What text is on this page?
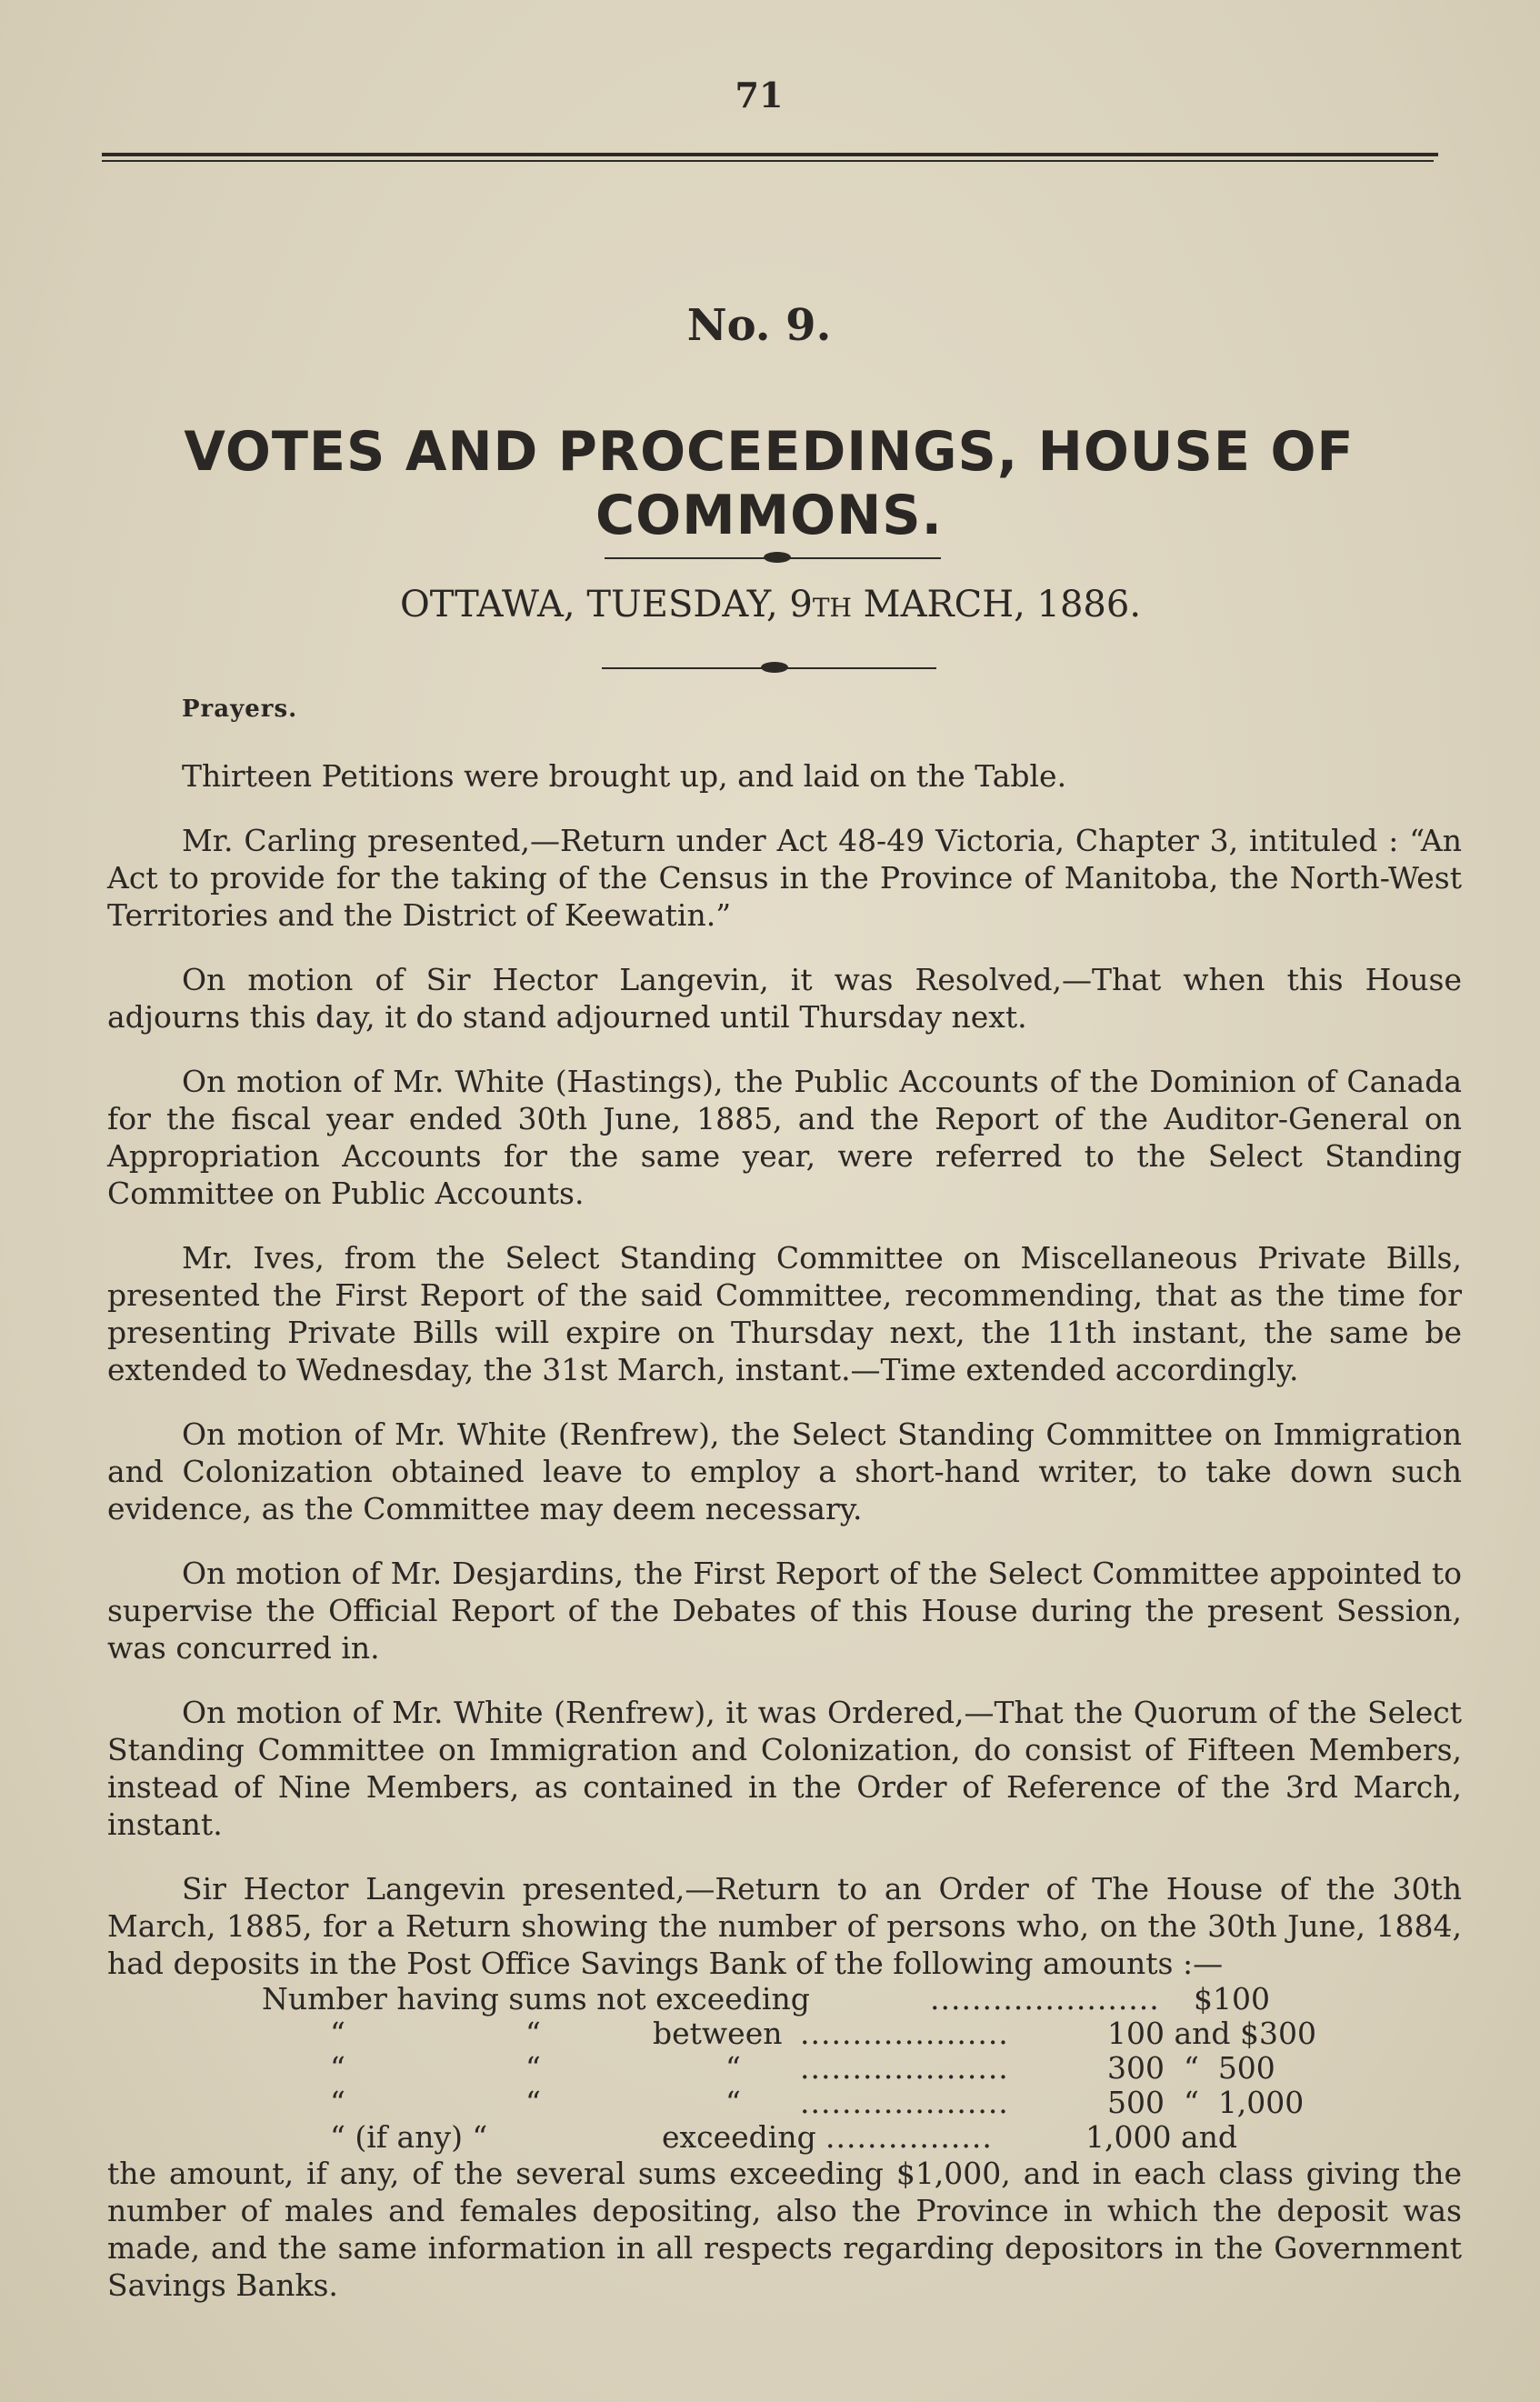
71
No. 9.
VOTES AND PROCEEDINGS, HOUSE OF COMMONS.
OTTAWA, TUESDAY, 9TH MARCH, 1886.
Prayers.

Thirteen Petitions were brought up, and laid on the Table.

Mr. Carling presented,—Return under Act 48-49 Victoria, Chapter 3, intituled : “An Act to provide for the taking of the Census in the Province of Manitoba, the North-West Territories and the District of Keewatin.”

On motion of Sir Hector Langevin, it was Resolved,—That when this House adjourns this day, it do stand adjourned until Thursday next.

On motion of Mr. White (Hastings), the Public Accounts of the Dominion of Canada for the fiscal year ended 30th June, 1885, and the Report of the Auditor-General on Appropriation Accounts for the same year, were referred to the Select Standing Committee on Public Accounts.

Mr. Ives, from the Select Standing Committee on Miscellaneous Private Bills, presented the First Report of the said Committee, recommending, that as the time for presenting Private Bills will expire on Thursday next, the 11th instant, the same be extended to Wednesday, the 31st March, instant.—Time extended accordingly.

On motion of Mr. White (Renfrew), the Select Standing Committee on Immigration and Colonization obtained leave to employ a short-hand writer, to take down such evidence, as the Committee may deem necessary.

On motion of Mr. Desjardins, the First Report of the Select Committee appointed to supervise the Official Report of the Debates of this House during the present Session, was concurred in.

On motion of Mr. White (Renfrew), it was Ordered,—That the Quorum of the Select Standing Committee on Immigration and Colonization, do consist of Fifteen Members, instead of Nine Members, as contained in the Order of Reference of the 3rd March, instant.

Sir Hector Langevin presented,—Return to an Order of The House of the 30th March, 1885, for a Return showing the number of persons who, on the 30th June, 1884, had deposits in the Post Office Savings Bank of the following amounts :—

Number having sums not exceeding	...................... $100
“	“	between ....................	100 and $300
“	“	“ ....................	300  “  500
“	“	“ ....................	500  “  1,000
“ (if any) “	exceeding ................	1,000 and

the amount, if any, of the several sums exceeding $1,000, and in each class giving the number of males and females depositing, also the Province in which the deposit was made, and the same information in all respects regarding depositors in the Government Savings Banks.
